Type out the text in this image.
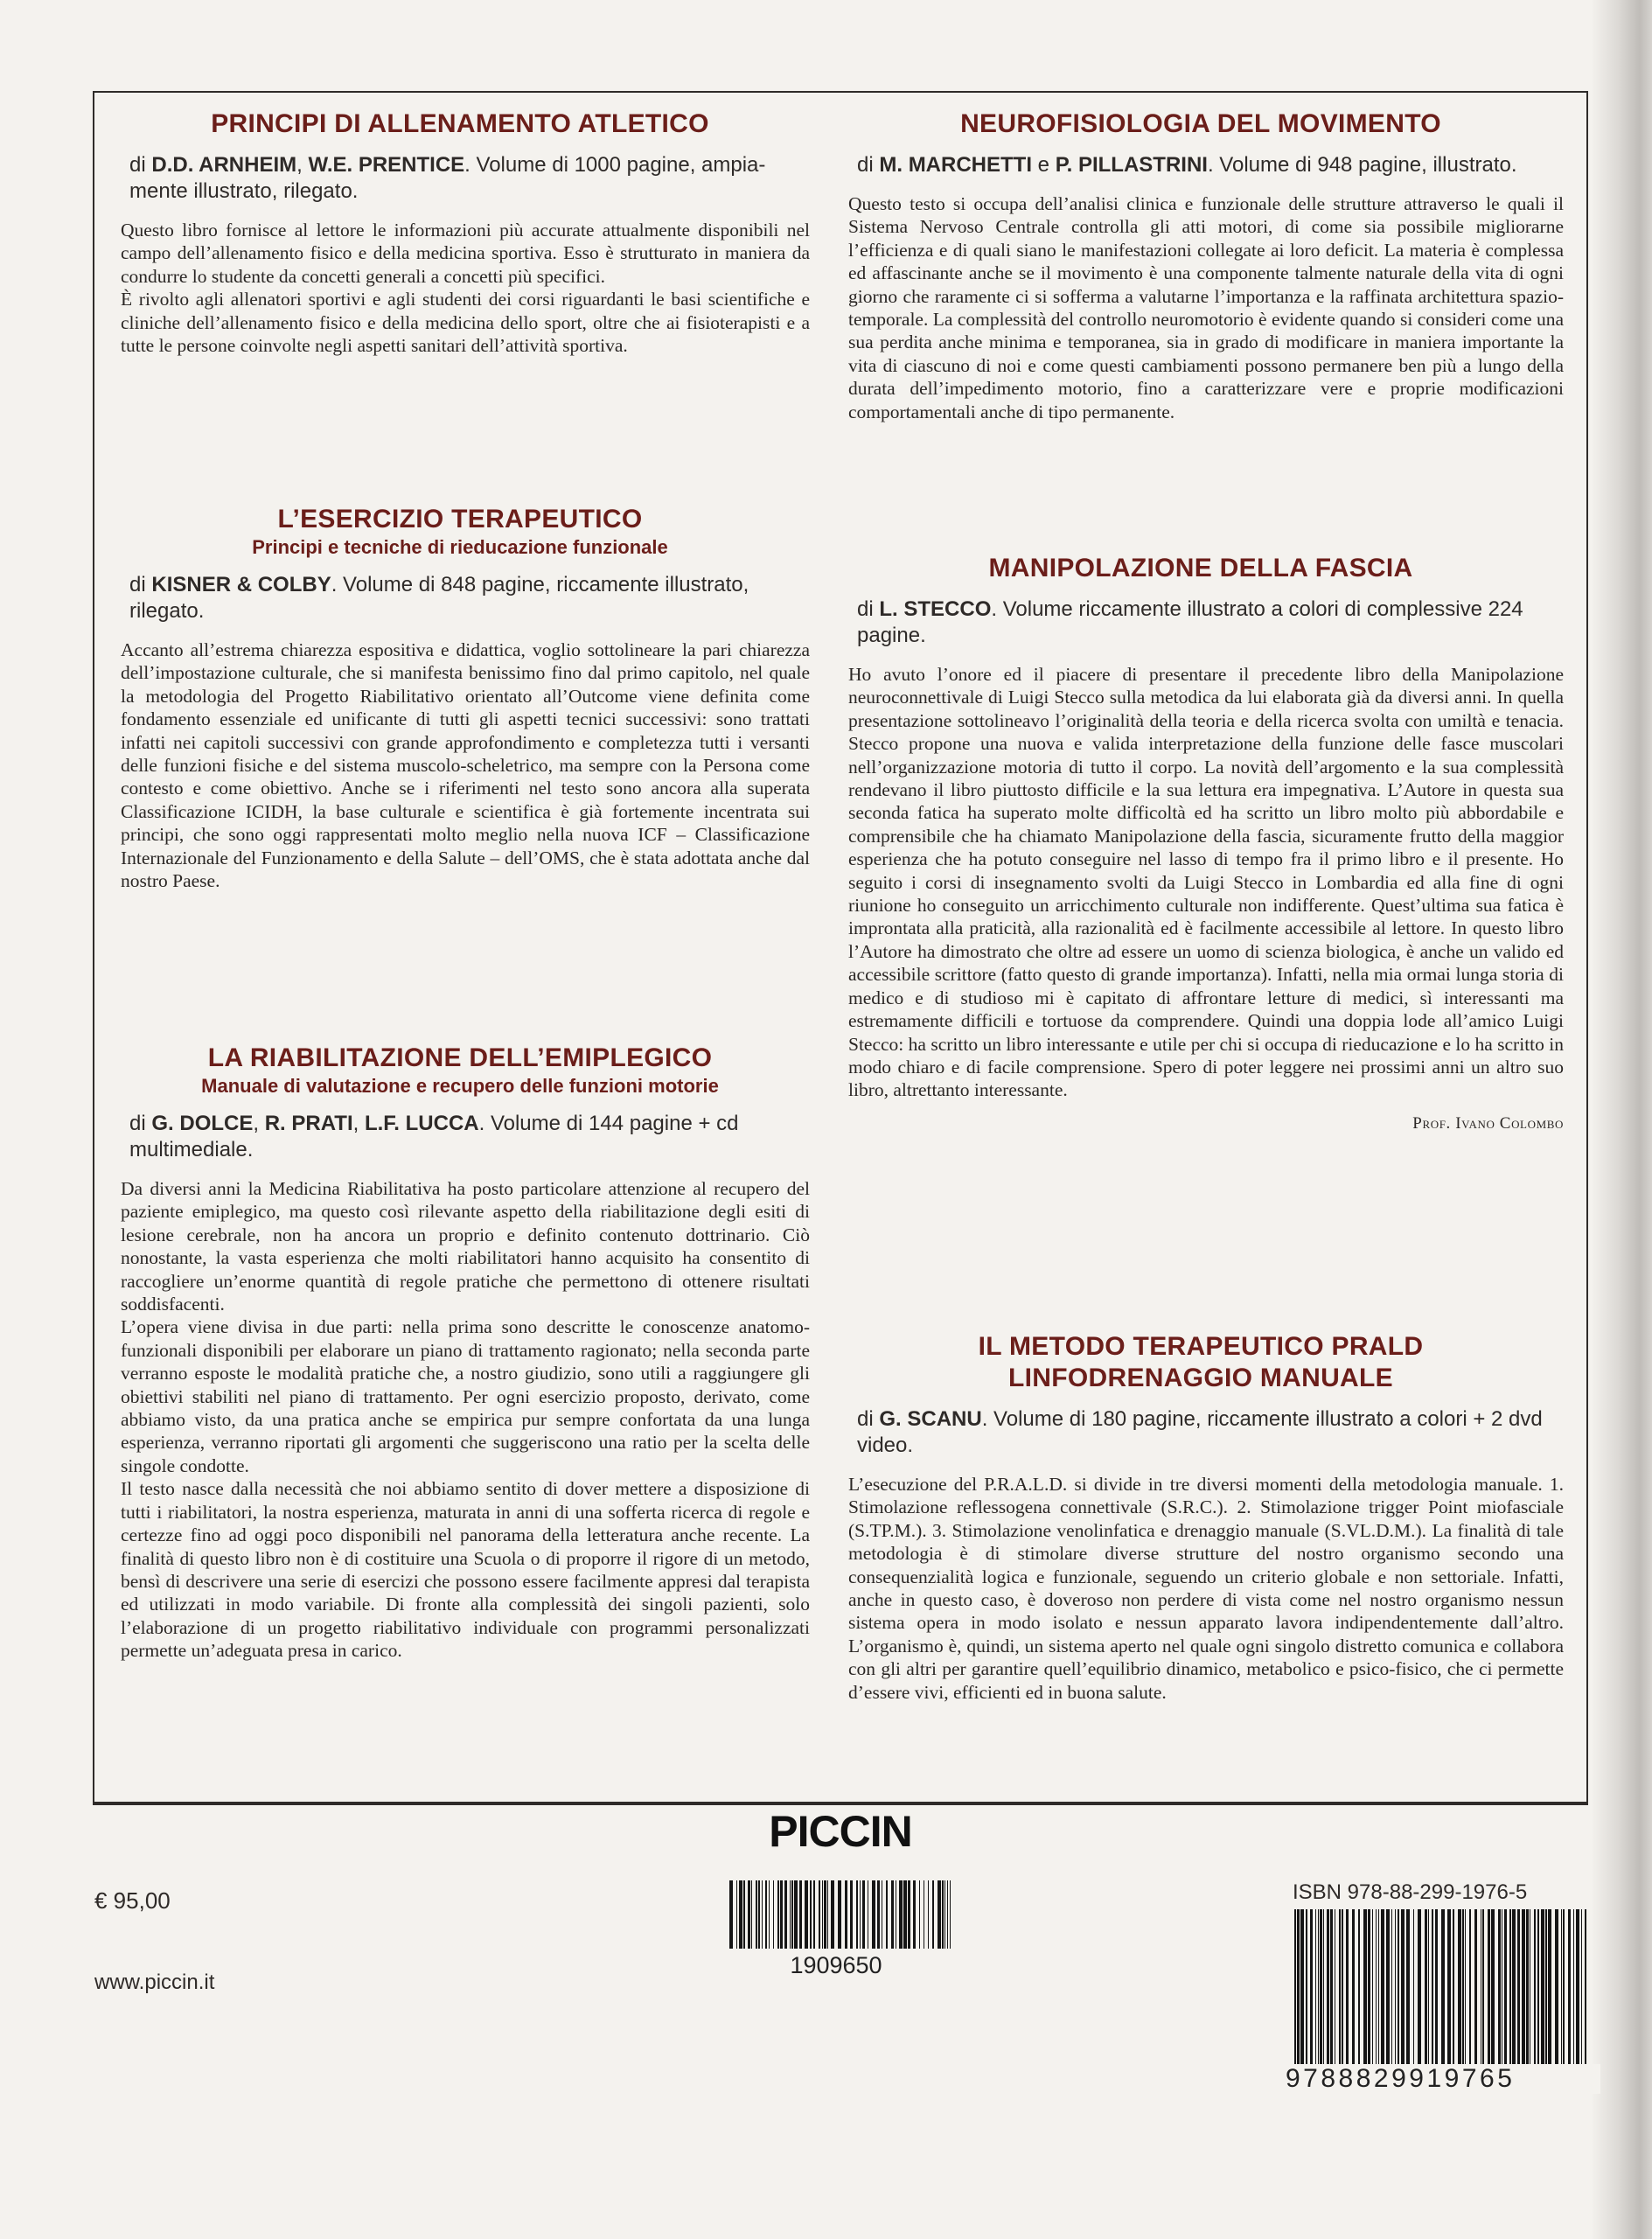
PRINCIPI DI ALLENAMENTO ATLETICO
di D.D. ARNHEIM, W.E. PRENTICE. Volume di 1000 pagine, ampia-mente illustrato, rilegato.
Questo libro fornisce al lettore le informazioni più accurate attualmente disponibili nel campo dell’allenamento fisico e della medicina sportiva. Esso è strutturato in maniera da condurre lo studente da concetti generali a concetti più specifici.
È rivolto agli allenatori sportivi e agli studenti dei corsi riguardanti le basi scientifiche e cliniche dell’allenamento fisico e della medicina dello sport, oltre che ai fisioterapisti e a tutte le persone coinvolte negli aspetti sanitari dell’attività sportiva.
L’ESERCIZIO TERAPEUTICO
Principi e tecniche di rieducazione funzionale
di KISNER & COLBY. Volume di 848 pagine, riccamente illustrato, rilegato.
Accanto all’estrema chiarezza espositiva e didattica, voglio sottolineare la pari chiarezza dell’impostazione culturale, che si manifesta benissimo fino dal primo capitolo, nel quale la metodologia del Progetto Riabilitativo orientato all’Outcome viene definita come fondamento essenziale ed unificante di tutti gli aspetti tecnici successivi: sono trattati infatti nei capitoli successivi con grande approfondimento e completezza tutti i versanti delle funzioni fisiche e del sistema muscolo-scheletrico, ma sempre con la Persona come contesto e come obiettivo. Anche se i riferimenti nel testo sono ancora alla superata Classificazione ICIDH, la base culturale e scientifica è già fortemente incentrata sui principi, che sono oggi rappresentati molto meglio nella nuova ICF – Classificazione Internazionale del Funzionamento e della Salute – dell’OMS, che è stata adottata anche dal nostro Paese.
LA RIABILITAZIONE DELL’EMIPLEGICO
Manuale di valutazione e recupero delle funzioni motorie
di G. DOLCE, R. PRATI, L.F. LUCCA. Volume di 144 pagine + cd multimediale.
Da diversi anni la Medicina Riabilitativa ha posto particolare attenzione al recupero del paziente emiplegico, ma questo così rilevante aspetto della riabilitazione degli esiti di lesione cerebrale, non ha ancora un proprio e definito contenuto dottrinario. Ciò nonostante, la vasta esperienza che molti riabilitatori hanno acquisito ha consentito di raccogliere un’enorme quantità di regole pratiche che permettono di ottenere risultati soddisfacenti.
L’opera viene divisa in due parti: nella prima sono descritte le conoscenze anatomo-funzionali disponibili per elaborare un piano di trattamento ragionato; nella seconda parte verranno esposte le modalità pratiche che, a nostro giudizio, sono utili a raggiungere gli obiettivi stabiliti nel piano di trattamento. Per ogni esercizio proposto, derivato, come abbiamo visto, da una pratica anche se empirica pur sempre confortata da una lunga esperienza, verranno riportati gli argomenti che suggeriscono una ratio per la scelta delle singole condotte.
Il testo nasce dalla necessità che noi abbiamo sentito di dover mettere a disposizione di tutti i riabilitatori, la nostra esperienza, maturata in anni di una sofferta ricerca di regole e certezze fino ad oggi poco disponibili nel panorama della letteratura anche recente. La finalità di questo libro non è di costituire una Scuola o di proporre il rigore di un metodo, bensì di descrivere una serie di esercizi che possono essere facilmente appresi dal terapista ed utilizzati in modo variabile. Di fronte alla complessità dei singoli pazienti, solo l’elaborazione di un progetto riabilitativo individuale con programmi personalizzati permette un’adeguata presa in carico.
NEUROFISIOLOGIA DEL MOVIMENTO
di M. MARCHETTI e P. PILLASTRINI. Volume di 948 pagine, illustrato.
Questo testo si occupa dell’analisi clinica e funzionale delle strutture attraverso le quali il Sistema Nervoso Centrale controlla gli atti motori, di come sia possibile migliorarne l’efficienza e di quali siano le manifestazioni collegate ai loro deficit. La materia è complessa ed affascinante anche se il movimento è una componente talmente naturale della vita di ogni giorno che raramente ci si sofferma a valutarne l’importanza e la raffinata architettura spazio-temporale. La complessità del controllo neuromotorio è evidente quando si consideri come una sua perdita anche minima e temporanea, sia in grado di modificare in maniera importante la vita di ciascuno di noi e come questi cambiamenti possono permanere ben più a lungo della durata dell’impedimento motorio, fino a caratterizzare vere e proprie modificazioni comportamentali anche di tipo permanente.
MANIPOLAZIONE DELLA FASCIA
di L. STECCO. Volume riccamente illustrato a colori di complessive 224 pagine.
Ho avuto l’onore ed il piacere di presentare il precedente libro della Manipolazione neuroconnettivale di Luigi Stecco sulla metodica da lui elaborata già da diversi anni. In quella presentazione sottolineavo l’originalità della teoria e della ricerca svolta con umiltà e tenacia. Stecco propone una nuova e valida interpretazione della funzione delle fasce muscolari nell’organizzazione motoria di tutto il corpo. La novità dell’argomento e la sua complessità rendevano il libro piuttosto difficile e la sua lettura era impegnativa. L’Autore in questa sua seconda fatica ha superato molte difficoltà ed ha scritto un libro molto più abbordabile e comprensibile che ha chiamato Manipolazione della fascia, sicuramente frutto della maggior esperienza che ha potuto conseguire nel lasso di tempo fra il primo libro e il presente. Ho seguito i corsi di insegnamento svolti da Luigi Stecco in Lombardia ed alla fine di ogni riunione ho conseguito un arricchimento culturale non indifferente. Quest’ultima sua fatica è improntata alla praticità, alla razionalità ed è facilmente accessibile al lettore. In questo libro l’Autore ha dimostrato che oltre ad essere un uomo di scienza biologica, è anche un valido ed accessibile scrittore (fatto questo di grande importanza). Infatti, nella mia ormai lunga storia di medico e di studioso mi è capitato di affrontare letture di medici, sì interessanti ma estremamente difficili e tortuose da comprendere. Quindi una doppia lode all’amico Luigi Stecco: ha scritto un libro interessante e utile per chi si occupa di rieducazione e lo ha scritto in modo chiaro e di facile comprensione. Spero di poter leggere nei prossimi anni un altro suo libro, altrettanto interessante.
Prof. Ivano Colombo
IL METODO TERAPEUTICO PRALD
LINFODRENAGGIO MANUALE
di G. SCANU. Volume di 180 pagine, riccamente illustrato a colori + 2 dvd video.
L’esecuzione del P.R.A.L.D. si divide in tre diversi momenti della metodologia manuale. 1. Stimolazione reflessogena connettivale (S.R.C.). 2. Stimolazione trigger Point miofasciale (S.TP.M.). 3. Stimolazione venolinfatica e drenaggio manuale (S.VL.D.M.). La finalità di tale metodologia è di stimolare diverse strutture del nostro organismo secondo una consequenzialità logica e funzionale, seguendo un criterio globale e non settoriale. Infatti, anche in questo caso, è doveroso non perdere di vista come nel nostro organismo nessun sistema opera in modo isolato e nessun apparato lavora indipendentemente dall’altro. L’organismo è, quindi, un sistema aperto nel quale ogni singolo distretto comunica e collabora con gli altri per garantire quell’equilibrio dinamico, metabolico e psico-fisico, che ci permette d’essere vivi, efficienti ed in buona salute.
PICCIN
€ 95,00
www.piccin.it
1909650
ISBN 978-88-299-1976-5
9788829919765
